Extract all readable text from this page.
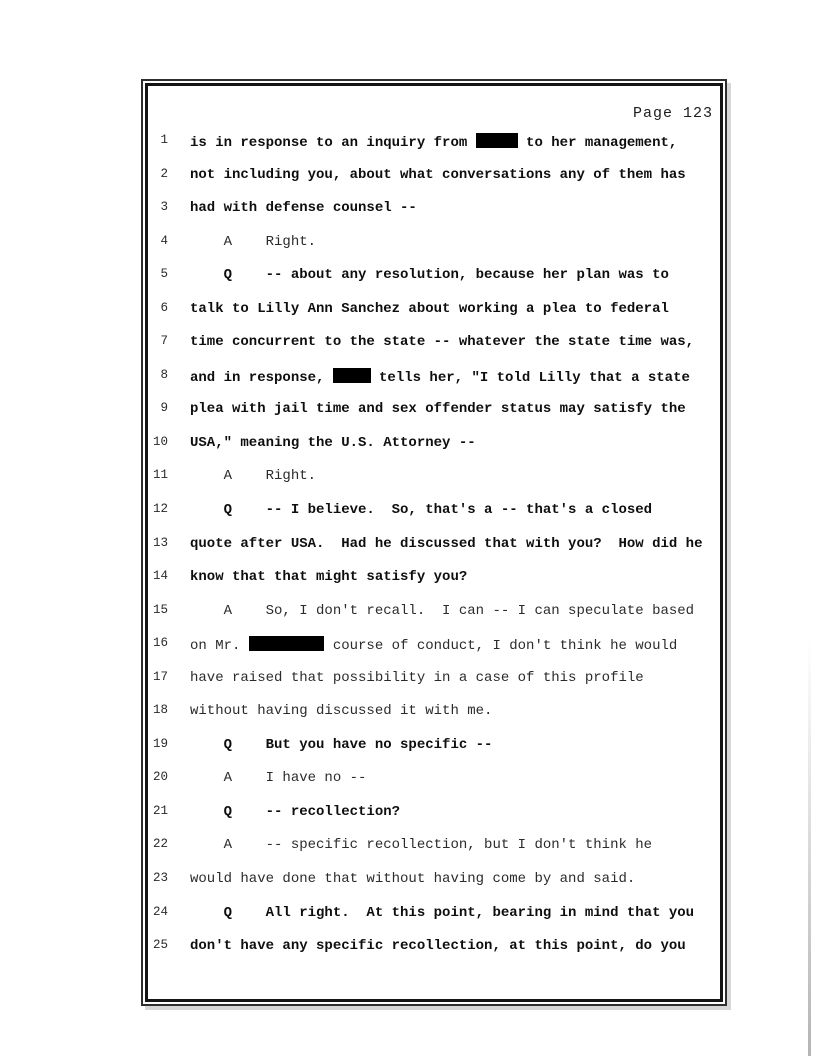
Page 123
1 is in response to an inquiry from	to her management,
2 not including you, about what conversations any of them has
3 had with defense counsel --
4 A    Right.
5 Q    -- about any resolution, because her plan was to
6 talk to Lilly Ann Sanchez about working a plea to federal
7 time concurrent to the state -- whatever the state time was,
8 and in response,	tells her, "I told Lilly that a state
9 plea with jail time and sex offender status may satisfy the
10 USA," meaning the U.S. Attorney --
11 A    Right.
12 Q    -- I believe.  So, that's a -- that's a closed
13 quote after USA.  Had he discussed that with you?  How did he
14 know that that might satisfy you?
15 A    So, I don't recall.  I can -- I can speculate based
16 on Mr.	course of conduct, I don't think he would
17 have raised that possibility in a case of this profile
18 without having discussed it with me.
19 Q    But you have no specific --
20 A    I have no --
21 Q    -- recollection?
22 A    -- specific recollection, but I don't think he
23 would have done that without having come by and said.
24 Q    All right.  At this point, bearing in mind that you
25 don't have any specific recollection, at this point, do you
